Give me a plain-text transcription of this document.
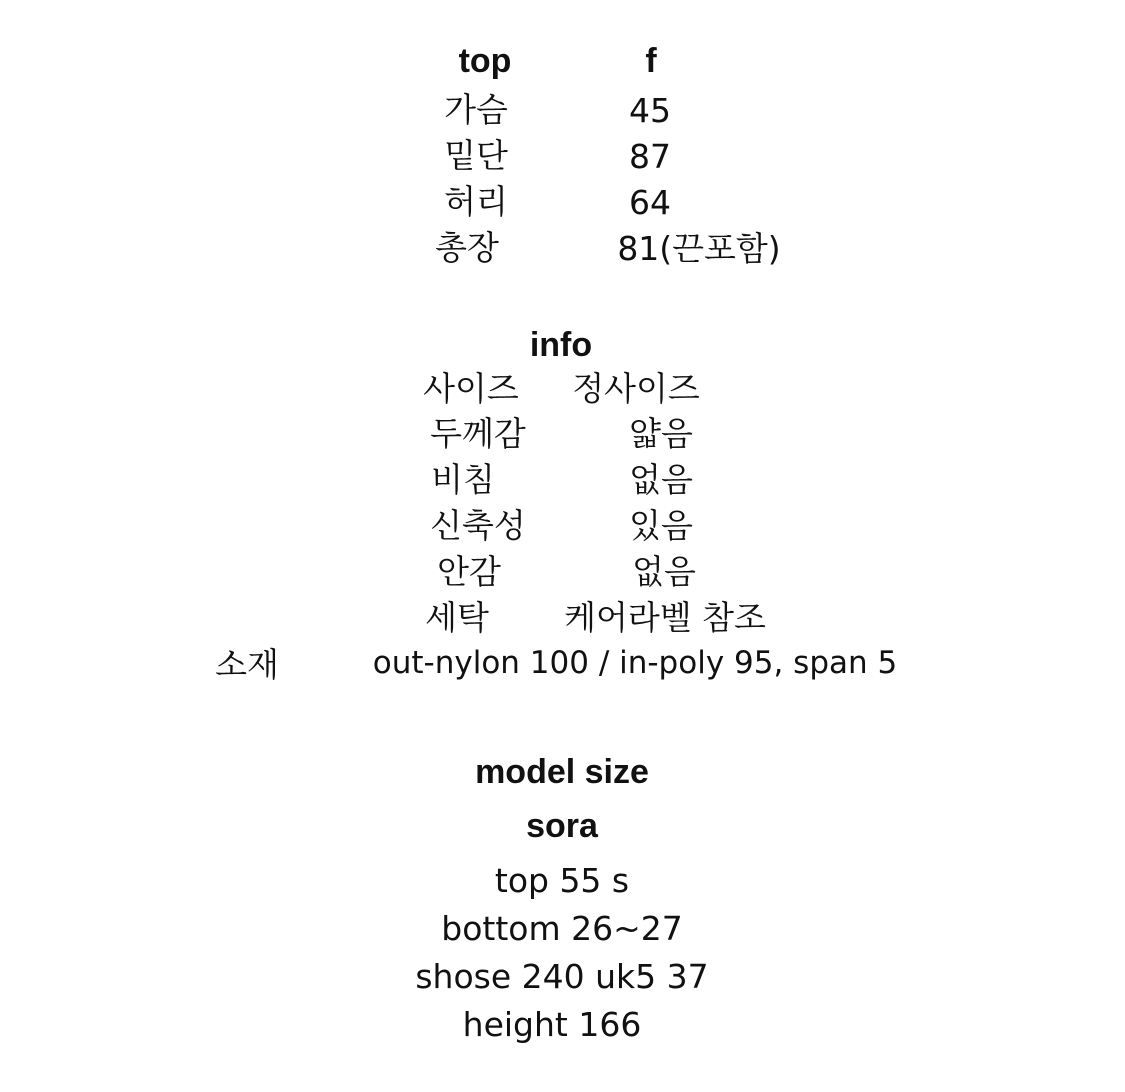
top	f
가슴	45
밑단	87
허리	64
총장	81(끈포함)
info
사이즈 정사이즈
두께감	얇음
비침	없음
신축성	있음
안감	없음
세탁 케어라벨 참조
소재	out-nylon 100 / in-poly 95, span 5
model size
sora
top 55 s
bottom 26~27
shose 240 uk5 37
height 166
